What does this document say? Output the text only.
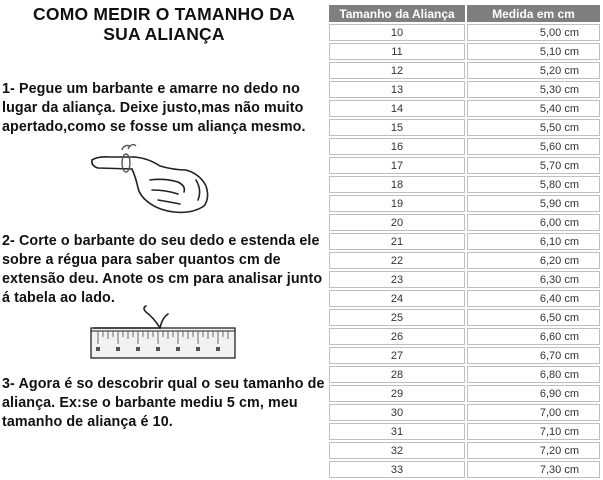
COMO MEDIR O TAMANHO DA SUA ALIANÇA
1- Pegue um barbante e amarre no dedo no lugar da aliança. Deixe justo,mas não muito apertado,como se fosse um aliança mesmo.
2- Corte o barbante do seu dedo e estenda ele sobre a régua para saber quantos cm de extensão deu. Anote os cm para analisar junto á tabela ao lado.
3- Agora é so descobrir qual o seu tamanho de aliança. Ex:se o barbante mediu 5 cm, meu tamanho de aliança é 10.
Tamanho da Aliança	Medida em cm
10	5,00 cm
11	5,10 cm
12	5,20 cm
13	5,30 cm
14	5,40 cm
15	5,50 cm
16	5,60 cm
17	5,70 cm
18	5,80 cm
19	5,90 cm
20	6,00 cm
21	6,10 cm
22	6,20 cm
23	6,30 cm
24	6,40 cm
25	6,50 cm
26	6,60 cm
27	6,70 cm
28	6,80 cm
29	6,90 cm
30	7,00 cm
31	7,10 cm
32	7,20 cm
33	7,30 cm
